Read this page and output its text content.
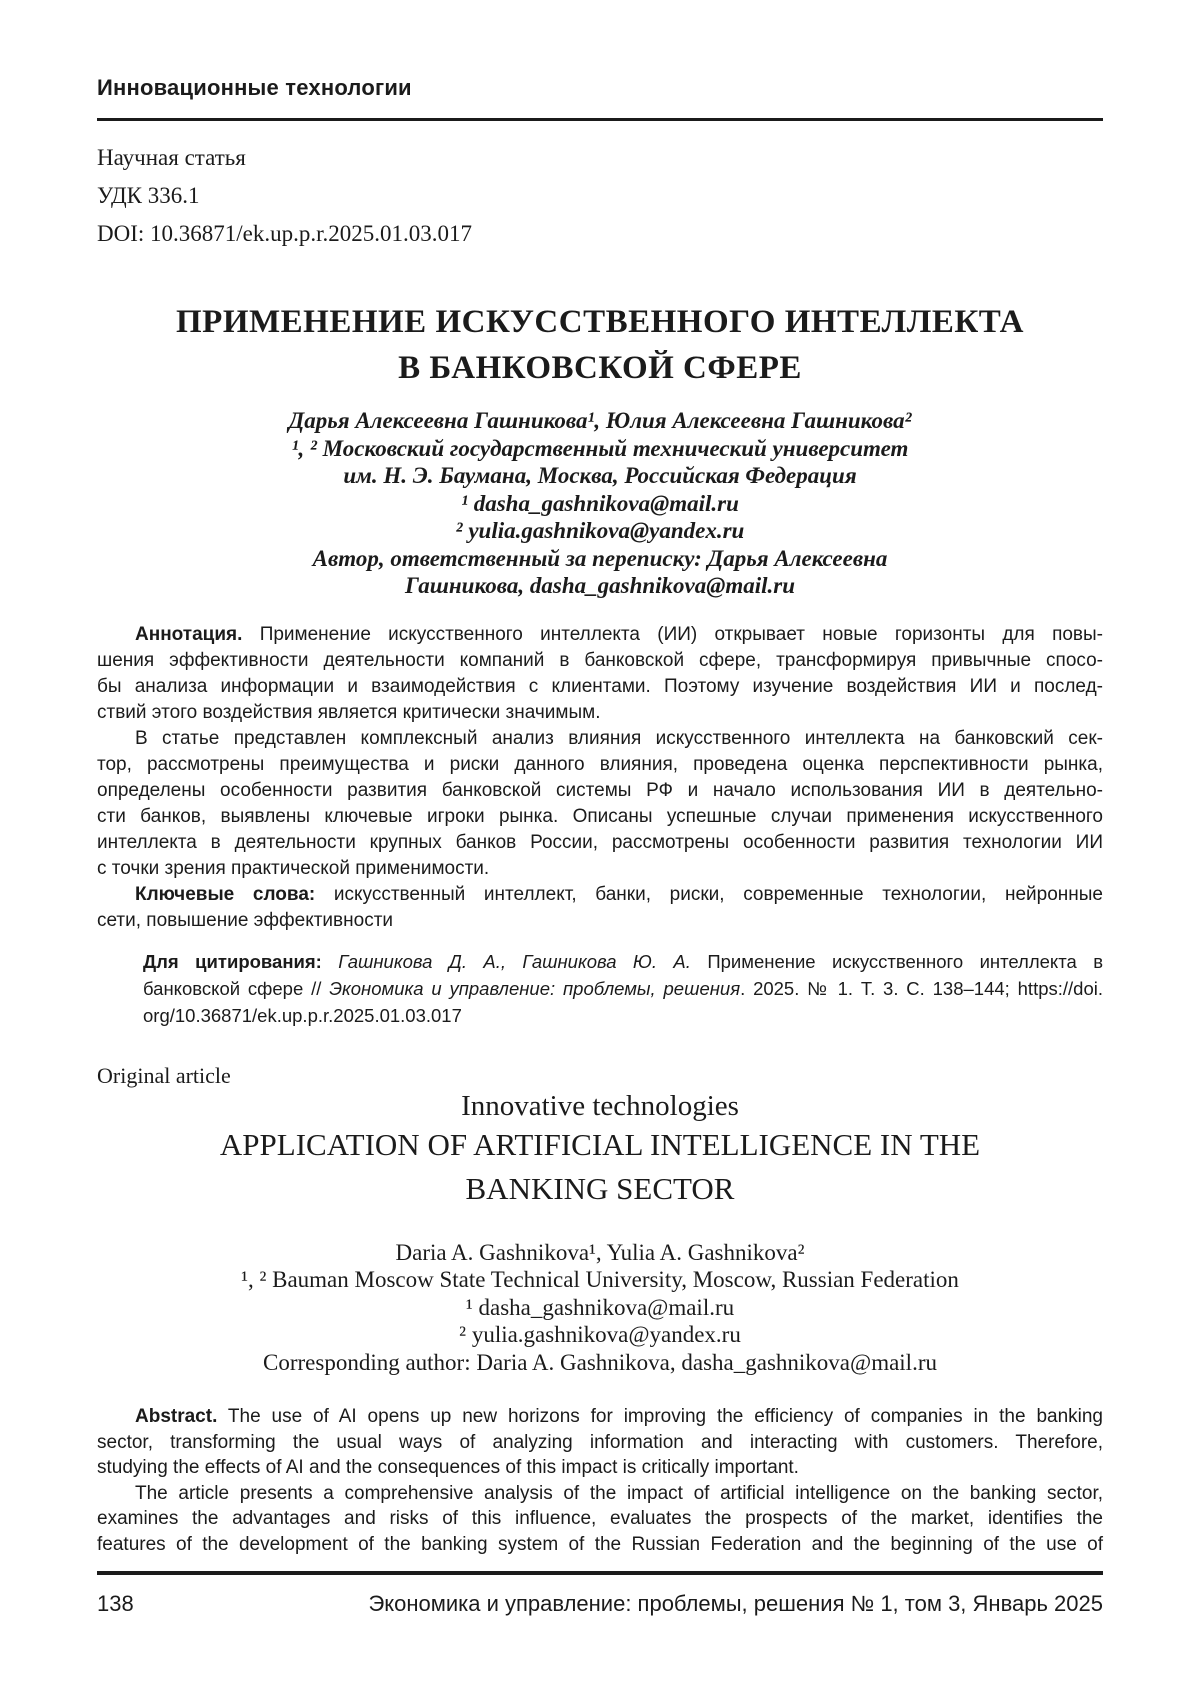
Инновационные технологии
Научная статья
УДК 336.1
DOI: 10.36871/ek.up.p.r.2025.01.03.017
ПРИМЕНЕНИЕ ИСКУССТВЕННОГО ИНТЕЛЛЕКТА
В БАНКОВСКОЙ СФЕРЕ
Дарья Алексеевна Гашникова¹, Юлия Алексеевна Гашникова²
¹, ² Московский государственный технический университет
им. Н. Э. Баумана, Москва, Российская Федерация
¹ dasha_gashnikova@mail.ru
² yulia.gashnikova@yandex.ru
Автор, ответственный за переписку: Дарья Алексеевна
Гашникова, dasha_gashnikova@mail.ru
Аннотация. Применение искусственного интеллекта (ИИ) открывает новые горизонты для повы-
шения эффективности деятельности компаний в банковской сфере, трансформируя привычные спосо-
бы анализа информации и взаимодействия с клиентами. Поэтому изучение воздействия ИИ и послед-
ствий этого воздействия является критически значимым.
В статье представлен комплексный анализ влияния искусственного интеллекта на банковский сек-
тор, рассмотрены преимущества и риски данного влияния, проведена оценка перспективности рынка,
определены особенности развития банковской системы РФ и начало использования ИИ в деятельно-
сти банков, выявлены ключевые игроки рынка. Описаны успешные случаи применения искусственного
интеллекта в деятельности крупных банков России, рассмотрены особенности развития технологии ИИ
с точки зрения практической применимости.
Ключевые слова: искусственный интеллект, банки, риски, современные технологии, нейронные
сети, повышение эффективности
Для цитирования: Гашникова Д. А., Гашникова Ю. А. Применение искусственного интеллекта в
банковской сфере // Экономика и управление: проблемы, решения. 2025. № 1. Т. 3. С. 138–144; https://doi.
org/10.36871/ek.up.p.r.2025.01.03.017
Original article
Innovative technologies
APPLICATION OF ARTIFICIAL INTELLIGENCE IN THE
BANKING SECTOR
Daria A. Gashnikova¹, Yulia A. Gashnikova²
¹, ² Bauman Moscow State Technical University, Moscow, Russian Federation
¹ dasha_gashnikova@mail.ru
² yulia.gashnikova@yandex.ru
Corresponding author: Daria A. Gashnikova, dasha_gashnikova@mail.ru
Abstract. The use of AI opens up new horizons for improving the efficiency of companies in the banking
sector, transforming the usual ways of analyzing information and interacting with customers. Therefore,
studying the effects of AI and the consequences of this impact is critically important.
The article presents a comprehensive analysis of the impact of artificial intelligence on the banking sector,
examines the advantages and risks of this influence, evaluates the prospects of the market, identifies the
features of the development of the banking system of the Russian Federation and the beginning of the use of
138	Экономика и управление: проблемы, решения № 1, том 3, Январь 2025
